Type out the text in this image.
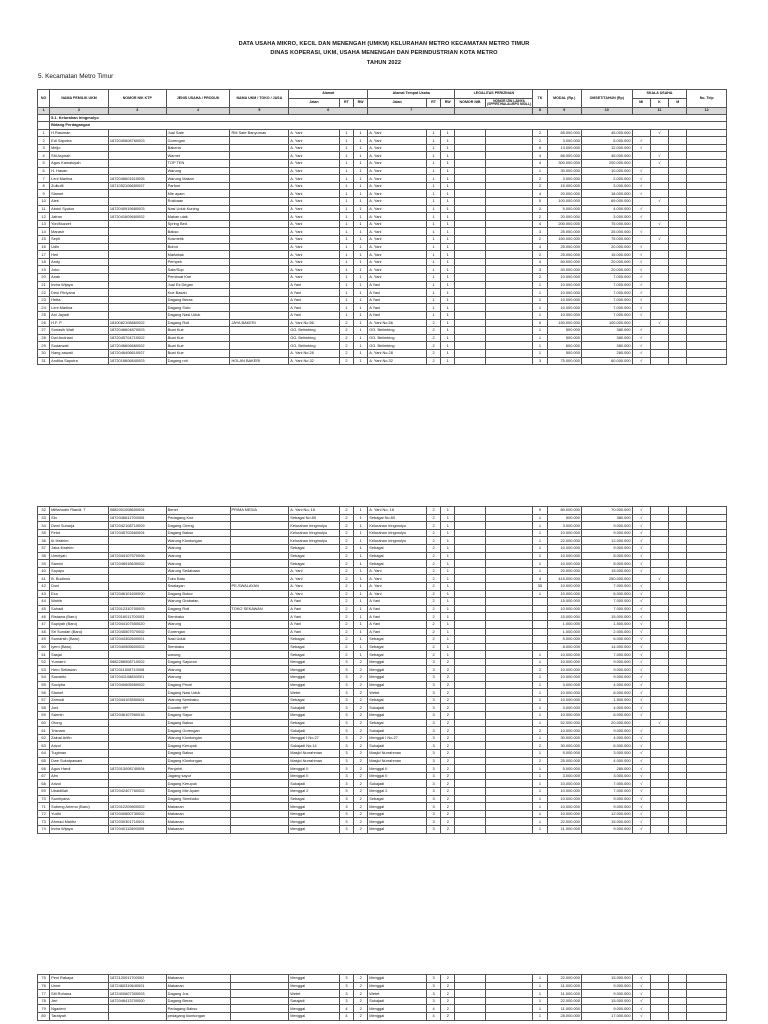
DATA USAHA MIKRO, KECIL DAN MENENGAH (UMKM) KELURAHAN METRO KECAMATAN METRO TIMUR
DINAS KOPERASI, UKM, USAHA MENENGAH DAN PERINDUSTRIAN KOTA METRO
TAHUN 2022
5. Kecamatan Metro Timur
NO	NAMA PEMILIK UKM	NOMOR NIK KTP	JENIS USAHA / PRODUK	NAMA UKM / TOKO / JASA	Alamat			Alamat Tempat Usaha			LEGALITAS PERIZINAN		TK	MODAL (Rp.)	OMSET/TAHUN (Rp)	SKALA USAHA			No. Telp
					Jalan	RT	RW	Jalan	RT	RW	NOMOR NIB	NOMOR IZIN LAINYA (SPPIRT/HALAL/BPO M/DLL)				MI	K	M	
1	2	3	4	5	6			7					8	9	10	11			12
	5.1. Kelurahan Iringmulyo																		
	Bidang Perdagangan																		
1	H Rasiman		Jual Sate	RM Sate Banyumas	A. Yani	1	1	A. Yani	1	1			2	65.000.000	45.000.000		√		
2	Edi Saputra	1872040608760003	Gorengan		A. Yani	1	1	A. Yani	1	1			2	3.000.000	5.000.000	√			
3	Meijo		Bakeria		A. Yani	1	1	A. Yani	1	1			6	13.000.000	12.000.000	√			
4	Siti Asyriah		Warnet		A. Yani	1	1	A. Yani	1	1			4	66.000.000	45.000.000		√		
5	Agus Kamaluyah		TOP TEN		A. Yani	1	1	A. Yani	1	1			4	300.000.000	200.000.000		√		
6	H. Hasan		Warung		A. Yani	1	1	A. Yani	1	1			1	30.000.000	10.000.000	√			
7	Leni Marlina	1872046601610005	Warung Makan		A. Yani	1	1	A. Yani	1	1			2	3.000.000	2.000.000	√			
8	Zulkufli	1871052106650007	Parfum		A. Yani	1	1	A. Yani	1	1			2	15.000.000	3.000.000	√			
9	Slamet		Mie ayam		A. Yani	1	1	A. Yani	1	1			4	20.000.000	18.000.000	√			
10	Alek		Rokbaan		A. Yani	1	1	A. Yani	1	1			5	100.000.000	69.000.000		√		
11	Abdul Syukur	1872040919680003	Nasi Uduk Kuning		A. Yani	1	1	A. Yani	1	1			2	5.000.000	4.000.000	√			
12	Jafran	1872041609660002	Makan utak		A. Yani	1	1	A. Yani	1	1			2	20.000.000	3.000.000	√			
13	Yon/Nuzzet		Spring Bed		A. Yani	1	1	A. Yani	1	1			4	200.000.000	75.000.000		√		
14	Marasir		Bakso		A. Yani	1	1	A. Yani	1	1			3	25.000.000	25.000.000	√			
15	Septi		Kosmetik		A. Yani	1	1	A. Yani	1	1			2	150.000.000	75.000.000		√		
16	Udin		Bubur		A. Yani	1	1	A. Yani	1	1			4	25.000.000	20.000.000	√			
17	Heri		Martabak		A. Yani	1	1	A. Yani	1	1			2	25.000.000	15.000.000	√			
18	Andy		Pempek		A. Yani	1	1	A. Yani	1	1			4	50.000.000	20.000.000	√			
19	Joko		Sate/Sop		A. Yani	1	1	A. Yani	1	1			3	40.000.000	20.000.000	√			
20	Anak		Pembuat Kue		A. Yani	1	1	A. Yani	1	1			2	10.000.000	7.000.000	√			
21	Indra Wijaya		Jual Es Degan		A Yani	1	1	A Yani	1	1			1	10.000.000	7.000.000	√			
22	Desi Fitriyana		Kue Basah		A Yani	1	1	A Yani	1	1			1	10.000.000	7.000.000	√			
23	Hetta		Dagang Beras		A Yani	1	1	A Yani	1	1			1	10.000.000	7.000.000	√			
24	Leni Marlina		Dagang Soto		A Yani	1	1	A Yani	1	1			1	10.000.000	7.000.000	√			
25	Ani Jayadi		Dagang Nasi Uduk		A Yani	1	1	A Yani	1	1			1	10.000.000	7.000.000	√			
26	H.F. P	1810082108860002	Dagang Roti	JAYA BAKERI	A. Yani No.56	2	1	A. Yani No.56	2	1			6	150.000.000	100.000.000		√		
27	Suriasih Wati	1872046604870003	Buat Kue		GG. Belimbing	2	1	GG. Belimbing	2	1			1	500.000	380.000	√			
28	Dwi Andriani	1872045704710002	Buat Kue		GG. Belimbing	2	1	GG. Belimbing	2	1			1	500.000	380.000	√			
29	Sudarwati	1872046606660002	Buat Kue		GG. Belimbing	2	1	GG. Belimbing	2	1			1	600.000	380.000	√			
30	Nang aswati	1872046406610007	Buat Kue		A. Yani No.28	2	1	A. Yani No.28	2	1			1	500.000	280.000	√			
31	Andika Saputra	1872016606840003	Dagang roti	HOLAN BAKERI	A. Yani No.32	2	1	A. Yani No.32	2	1			3	75.000.000	60.000.000	√			
32	Miftahudin Riandi. T	0882001008600004	Bener	PRIMA MEDIA	A. Yani No. 16	2	1	A. Yani No. 16	2	1			9	80.000.000	70.000.000	√			
33	Sin	1872046611700005	Pedagang Kue		Sebagai No.80	2	1	Sebagai No.80	2	1			1	500.000	380.000	√			
34	Dewi Suharja	1872042108710009	Dagang Cireng		Kelurahan Iringmulyo	2	1	Kelurahan Iringmulyo	2	1			1	3.000.000	9.000.000	√			
35	Fetot	1872045702660004	Dagang Bakso		Kelurahan Iringmulyo	2	1	Kelurahan Iringmulyo	2	1			1	10.000.000	9.000.000	√			
36	Ib Ibrahim		Warung Klontongan		Kelurahan Iringmulyo	2	1	Kelurahan Iringmulyo	2	1			1	22.000.000	12.000.000	√			
37	Jaka Ibrahim		Warung		Sebagai	2	1	Sebagai	2	1			1	10.000.000	9.000.000	√			
38	Umiriyah	1872044107570006	Warung		Sebagai	2	1	Sebagai	2	1			1	10.000.000	8.000.000	√			
39	Samini	1872046918630002	Warung		Sebagai	2	1	Sebagai	2	1			1	10.000.000	8.000.000	√			
40	Suyayo		Warung Sedabaan		A. Yani	2	1	A. Yani	2	1			1	20.000.000	15.000.000	√			
41	B. Budiono		Toko Batu		A. Yani	2	1	A. Yani	2	1			4	415.000.000	250.000.000		√		
42	Doni		Swalayan	PE-SWALAYAN	A. Yani	2	1	A. Yani	2	1			35	10.000.000	7.000.000	√			
43	Eco	1872046101600000	Dagang Bubur		A. Yani	2	1	A. Yani	2	1			1	10.000.000	6.000.000	√			
44	Wahib		Warung Grabatan		A Yani	2	1	A Yani	2	1				15.000.000	7.000.000	√			
45	Suhadi	1872012310700003	Dagang Roti	TOKO SEKAWAN	A Yani	2	1	A Yani	2	1				10.000.000	7.000.000	√			
46	Ristawa (Baru)	1872016011700003	Sembako		A Yani	2	1	A Yani	2	1				15.000.000	15.000.000	√			
47	Supiyah (Baru)	1872044107550020	Warung		A Yani	2	1	A Yani	2	1				1.000.000	1.500.000	√			
48	Sri Sundari (Baru)	1872045507570002	Gorengan		A Yani	2	1	A Yani	2	1				1.000.000	2.000.000	√			
49	Sumarsih (Baru)	1872044302600001	Nasi Uduk		Sebagai	2	1	Sebagai	2	1				5.000.000	6.000.000	√			
50	Iyem (Baru)	1872040505600002	Sembako		Sebagai	2	1	Sebagai	2	1				8.000.000	14.000.000	√			
51	Sasjal		warung		Sebagai	2	1	Sebagai	2	1			1	10.000.000	7.000.000	√			
52	Yumarni	0882286508710002	Dagang Sayuran		Menggal	3	2	Menggal	3	2			1	10.000.000	9.000.000	√			
53	Hero Setiawan	1872011508710008	Warung		Menggal	3	2	Menggal	3	2			2	10.000.000	9.000.000	√			
54	Suwarito	1872041108830001	Warung		Menggal	3	2	Menggal	3	2			1	10.000.000	9.000.000	√			
55	Suciptia	1872040605560002	Dagang Pecel		Menggal	3	2	Menggal	3	2			1	3.000.000	4.000.000	√			
56	Slamet		Dagang Nasi Uduk		Wetet	3	2	Wetet	3	2			1	10.000.000	8.000.000	√			
57	Zamudi	1872044103550001	Warung Sembako		Sebagai	3	2	Sebagai	3	2			1	10.000.000	1.500.000	√			
58	Joni		Counter HP		Sukajadi	3	2	Sukajadi	3	2			1	3.000.000	4.000.000	√			
59	Sarmin	1872046107560016	Dagang Sayur		Menggal	3	2	Menggal	3	2			1	10.000.000	6.000.000	√			
60	Otong		Dagang Bakso		Sebagai	3	2	Sebagai	3	2			1	52.000.000	20.000.000		√		
61	Trisnam		Dagang Gorengan		Sukajadi	3	2	Sukajadi	3	2			2	10.000.000	9.000.000	√			
62	Zainal Arifin		Warung Klontongan		Menggal I No.27	3	2	Menggal I No.27	3	2			1	30.000.000	4.000.000	√			
63	Arizol		Dagang Kerupuk		Sukajadi No.14	3	2	Sukajadi	3	2			2	30.000.000	6.000.000	√			
64	Tugiman		Dagang Bakso		Masjid Nurrahman	3	2	Masjid Nurrahman	3	2			1	5.000.000	3.000.000	√			
65	Dwe Sukutpawani		Dagang Klontongan		Masjid Nurrahman	3	2	Masjid Nurrahman	3	2			2	25.000.000	4.000.000	√			
66	Agus Hardi	1872013008740004	Penjahit		Menggal II	3	2	Menggal II	3	2			1	5.000.000	280.000	√			
67	Alm		Jagang sayur		Menggal II	3	2	Menggal II	3	2			1	3.000.000	3.000.000	√			
68	Arizol		Dagang Kerupuk		Sukajadi	3	2	Sukajadi	3	2			1	10.000.000	7.000.000	√			
69	Ubaidillah	1872042407760002	Dagang Mie Ayam		Menggal 2	3	2	Menggal 2	3	2			1	10.000.000	7.000.000	√			
70	Suniriyana		Dagang Sembako		Sebagai	3	2	Sebagai	3	2			1	10.000.000	9.000.000	√			
71	Subeng Ariemo (Baru)	1872012209800002	Makanan		Menggal	3	2	Menggal	3	2			1	10.000.000	9.000.000	√			
72	Yudhi	1872040800730002	Makanan		Menggal	3	2	Menggal	3	2			1	10.000.000	12.000.000	√			
73	Ahmad Mahfiz	1872030301710001	Makanan		Menggal	3	2	Menggal	3	2			1	22.000.000	15.000.000	√			
74	Indra Wijaya	1872040112690005	Makanan		Menggal	3	2	Menggal	3	2			1	11.000.000	9.000.000	√			
75	Peni Rakaya	1872120011700002	Makanan		Menggal	3	2	Menggal	3	2			1	22.000.000	15.000.000	√			
76	Umer	1872460319640001	Makanan		Menggal	3	2	Menggal	3	2			1	11.000.000	9.000.000	√			
77	Siti Rohana	1872400607300003	Dagang Jus		Wetet	3	2	Wetet	3	2			1	11.000.000	9.000.000	√			
78	Jeri	1872046413700000	Dagang Beras		Sarajadi	3	2	Sukajadi	3	2			1	22.000.000	15.000.000	√			
79	Ngadeni		Pedagang Bakso		Menggal	4	2	Menggal	4	2			1	11.000.000	9.000.000	√			
80	Taratyah		pedagang klontongan		Menggal	4	2	Menggal	4	2			1	28.000.000	17.000.000	√			
